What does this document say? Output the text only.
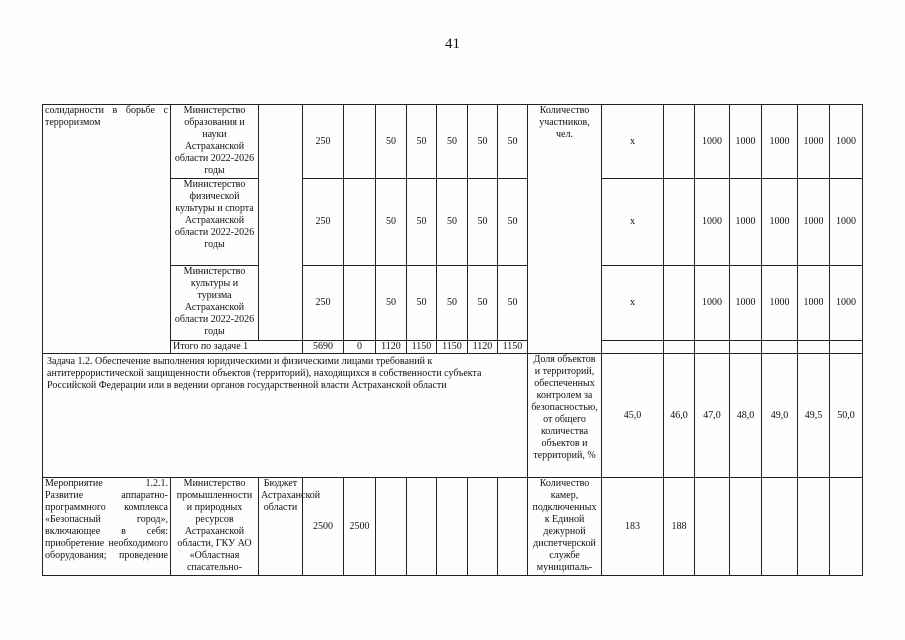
41
солидарности в борьбе с терроризмом	Министерство образования и науки Астраханской области 2022-2026 годы		250		50	50	50	50	50	Количество участников, чел.	х		1000	1000	1000	1000	1000
	Министерство физической культуры и спорта Астраханской области 2022-2026 годы		250		50	50	50	50	50		х		1000	1000	1000	1000	1000
	Министерство культуры и туризма Астраханской области 2022-2026 годы		250		50	50	50	50	50		х		1000	1000	1000	1000	1000
	Итого по задаче 1		5690	0	1120	1150	1150	1120	1150								
Задача 1.2. Обеспечение выполнения юридическими и физическими лицами требований к антитеррористической защищенности объектов (территорий), находящихся в собственности субъекта Российской Федерации или в ведении органов государственной власти Астраханской области										Доля объектов и территорий, обеспеченных контролем за безопасностью, от общего количества объектов и территорий, %	45,0	46,0	47,0	48,0	49,0	49,5	50,0
Мероприятие 1.2.1. Развитие аппаратно-программного комплекса «Безопасный город», включающее в себя: приобретение необходимого оборудования; проведение	Министерство промышленности и природных ресурсов Астраханской области, ГКУ АО «Областная спасательно-	Бюджет Астраханской области	2500	2500						Количество камер, подключенных к Единой дежурной диспетчерской службе муниципаль-	183	188					
